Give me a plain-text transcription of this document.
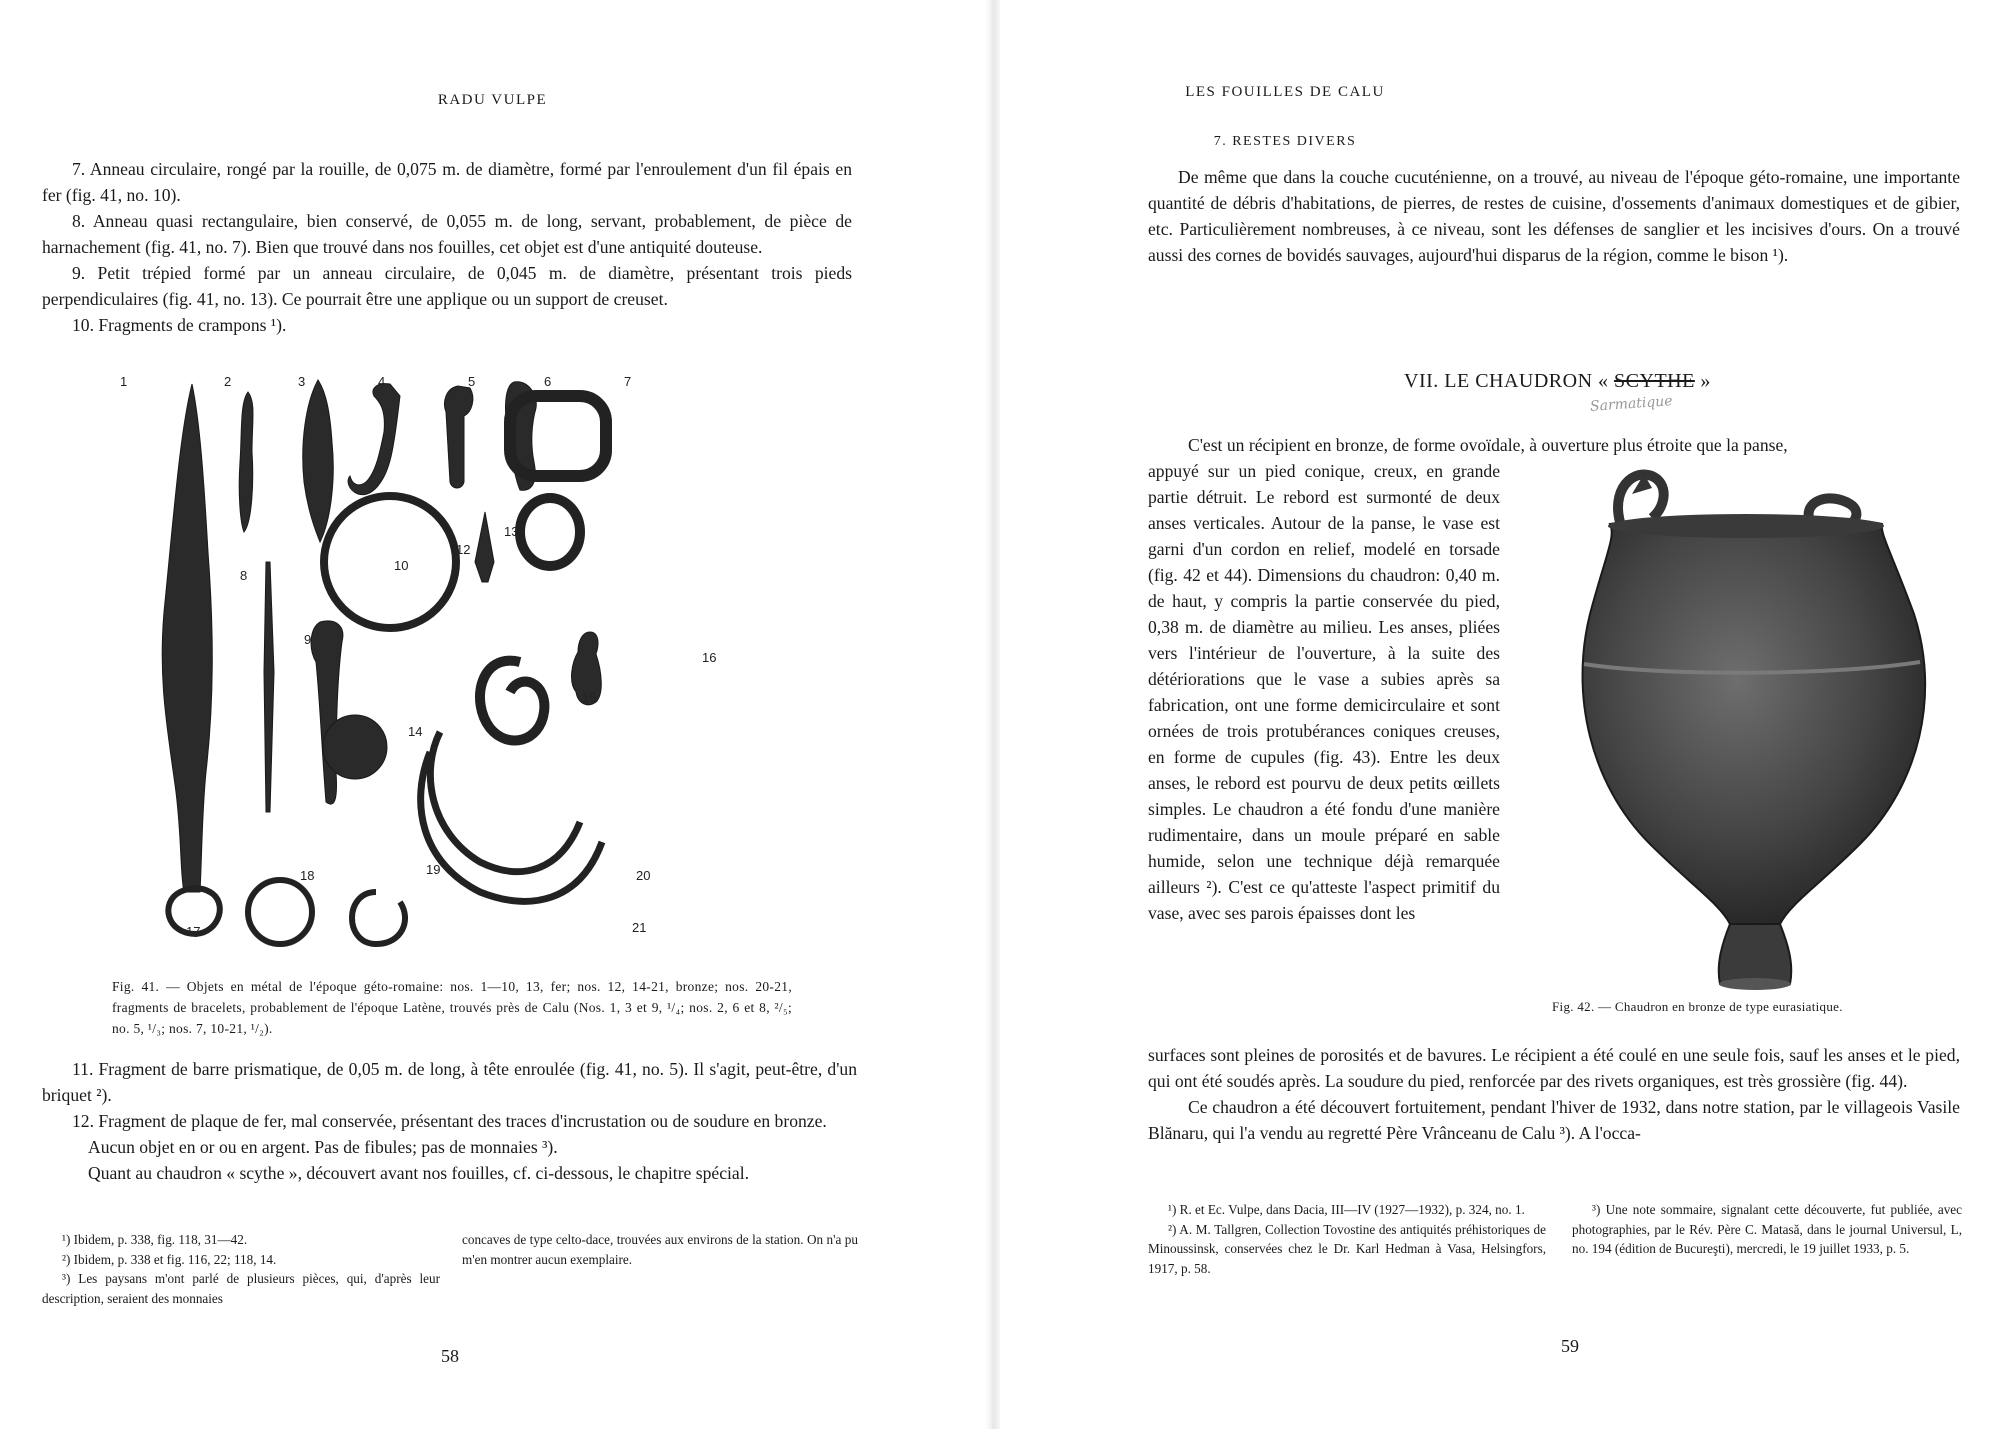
RADU VULPE

7. Anneau circulaire, rongé par la rouille, de 0,075 m. de diamètre, formé par l'enroulement d'un fil épais en fer (fig. 41, no. 10).

8. Anneau quasi rectangulaire, bien conservé, de 0,055 m. de long, servant, probablement, de pièce de harnachement (fig. 41, no. 7). Bien que trouvé dans nos fouilles, cet objet est d'une antiquité douteuse.

9. Petit trépied formé par un anneau circulaire, de 0,045 m. de diamètre, présentant trois pieds perpendiculaires (fig. 41, no. 13). Ce pourrait être une applique ou un support de creuset.

10. Fragments de crampons ¹).

1	2	3	4	5	6	7
8
9
10
12
13
14
15
16
17
18	19	20
21
Fig. 41. — Objets en métal de l'époque géto-romaine: nos. 1—10, 13, fer; nos. 12, 14-21, bronze; nos. 20-21, fragments de bracelets, probablement de l'époque Latène, trouvés près de Calu (Nos. 1, 3 et 9, ¹/₄; nos. 2, 6 et 8, ²/₅; no. 5, ¹/₃; nos. 7, 10-21, ¹/₂).

11. Fragment de barre prismatique, de 0,05 m. de long, à tête enroulée (fig. 41, no. 5). Il s'agit, peut-être, d'un briquet ²).

12. Fragment de plaque de fer, mal conservée, présentant des traces d'incrustation ou de soudure en bronze.

Aucun objet en or ou en argent. Pas de fibules; pas de monnaies ³).

Quant au chaudron « scythe », découvert avant nos fouilles, cf. ci-dessous, le chapitre spécial.

¹) Ibidem, p. 338, fig. 118, 31—42.

²) Ibidem, p. 338 et fig. 116, 22; 118, 14.

³) Les paysans m'ont parlé de plusieurs pièces, qui, d'après leur description, seraient des monnaies

concaves de type celto-dace, trouvées aux environs de la station. On n'a pu m'en montrer aucun exemplaire.

58
LES FOUILLES DE CALU
7. RESTES DIVERS

De même que dans la couche cucuténienne, on a trouvé, au niveau de l'époque géto-romaine, une importante quantité de débris d'habitations, de pierres, de restes de cuisine, d'ossements d'animaux domestiques et de gibier, etc. Particulièrement nombreuses, à ce niveau, sont les défenses de sanglier et les incisives d'ours. On a trouvé aussi des cornes de bovidés sauvages, aujourd'hui disparus de la région, comme le bison ¹).

VII. LE CHAUDRON « SCYTHE »
Sarmatique

C'est un récipient en bronze, de forme ovoïdale, à ouverture plus étroite que la panse,

appuyé sur un pied conique, creux, en grande partie détruit. Le rebord est surmonté de deux anses verticales. Autour de la panse, le vase est garni d'un cordon en relief, modelé en torsade (fig. 42 et 44). Dimensions du chaudron: 0,40 m. de haut, y compris la partie conservée du pied, 0,38 m. de diamètre au milieu. Les anses, pliées vers l'intérieur de l'ouverture, à la suite des détériorations que le vase a subies après sa fabrication, ont une forme demicirculaire et sont ornées de trois protubérances coniques creuses, en forme de cupules (fig. 43). Entre les deux anses, le rebord est pourvu de deux petits œillets simples. Le chaudron a été fondu d'une manière rudimentaire, dans un moule préparé en sable humide, selon une technique déjà remarquée ailleurs ²). C'est ce qu'atteste l'aspect primitif du vase, avec ses parois épaisses dont les

Fig. 42. — Chaudron en bronze de type eurasiatique.

surfaces sont pleines de porosités et de bavures. Le récipient a été coulé en une seule fois, sauf les anses et le pied, qui ont été soudés après. La soudure du pied, renforcée par des rivets organiques, est très grossière (fig. 44).

Ce chaudron a été découvert fortuitement, pendant l'hiver de 1932, dans notre station, par le villageois Vasile Blănaru, qui l'a vendu au regretté Père Vrânceanu de Calu ³). A l'occa-

¹) R. et Ec. Vulpe, dans Dacia, III—IV (1927—1932), p. 324, no. 1.

²) A. M. Tallgren, Collection Tovostine des antiquités préhistoriques de Minoussinsk, conservées chez le Dr. Karl Hedman à Vasa, Helsingfors, 1917, p. 58.

³) Une note sommaire, signalant cette découverte, fut publiée, avec photographies, par le Rév. Père C. Matasă, dans le journal Universul, L, no. 194 (édition de Bucureşti), mercredi, le 19 juillet 1933, p. 5.

59
